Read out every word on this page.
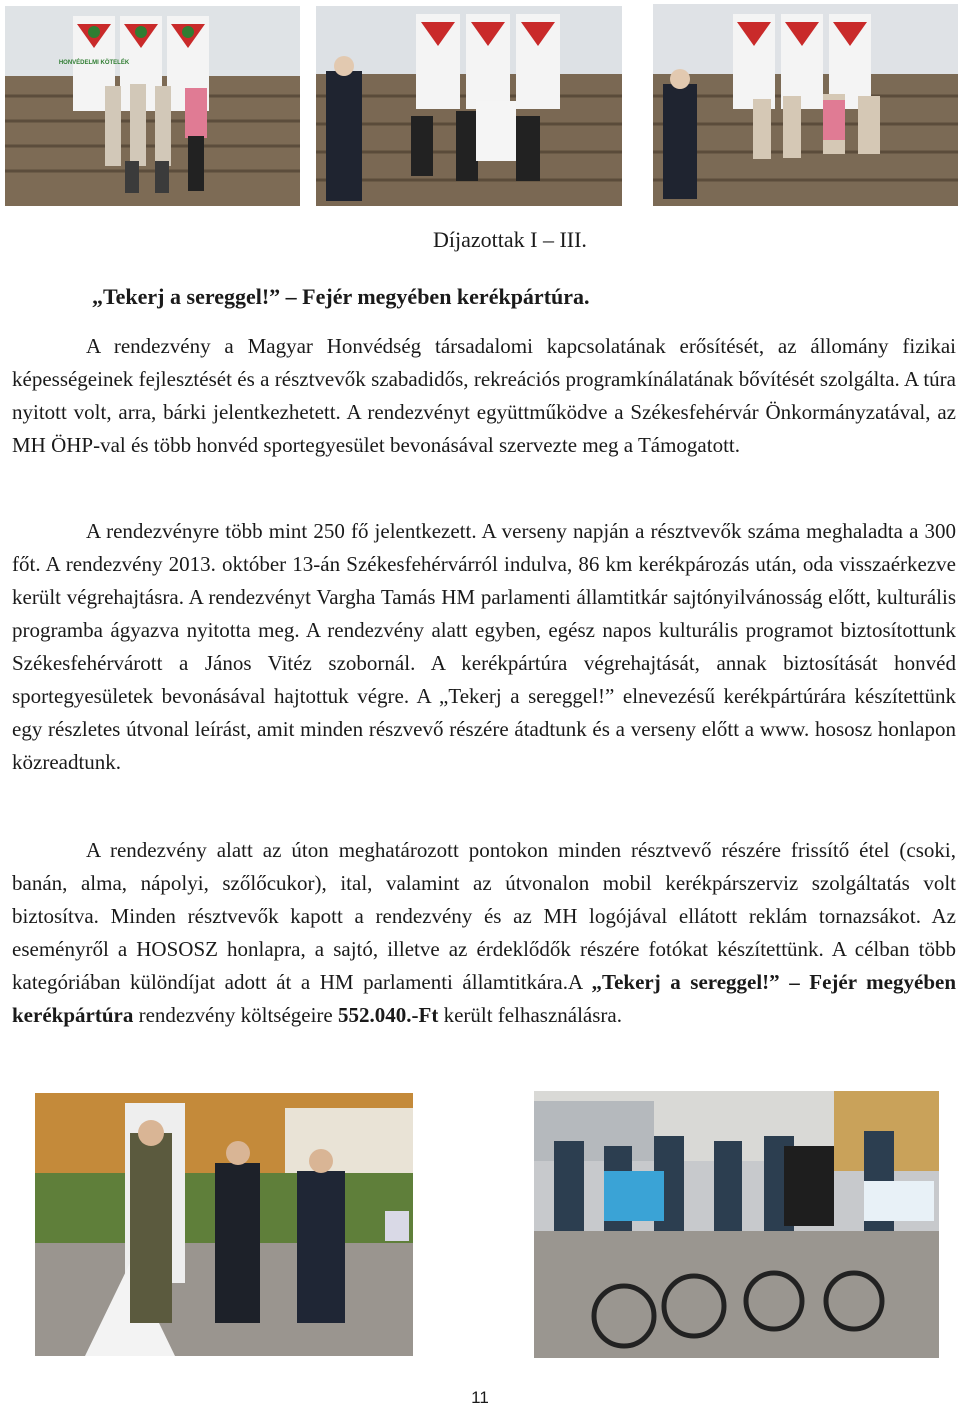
HONVÉDELMI KÖTELÉK
Díjazottak I – III.
„Tekerj a sereggel!” – Fejér megyében kerékpártúra.

A rendezvény a Magyar Honvédség társadalomi kapcsolatának erősítését, az állomány fizikai képességeinek fejlesztését és a résztvevők szabadidős, rekreációs programkínálatának bővítését szolgálta. A túra nyitott volt, arra, bárki jelentkezhetett. A rendezvényt együttműködve a Székesfehérvár Önkormányzatával, az MH ÖHP-val és több honvéd sportegyesület bevonásával szervezte meg a Támogatott.

A rendezvényre több mint 250 fő jelentkezett. A verseny napján a résztvevők száma meghaladta a 300 főt. A rendezvény 2013. október 13-án Székesfehérvárról indulva, 86 km kerékpározás után, oda visszaérkezve került végrehajtásra. A rendezvényt Vargha Tamás HM parlamenti államtitkár sajtónyilvánosság előtt, kulturális programba ágyazva nyitotta meg. A rendezvény alatt egyben, egész napos kulturális programot biztosítottunk Székesfehérvárott a János Vitéz szobornál. A kerékpártúra végrehajtását, annak biztosítását honvéd sportegyesületek bevonásával hajtottuk végre. A „Tekerj a sereggel!” elnevezésű kerékpártúrára készítettünk egy részletes útvonal leírást, amit minden részvevő részére átadtunk és a verseny előtt a www. hososz honlapon közreadtunk.

A rendezvény alatt az úton meghatározott pontokon minden résztvevő részére frissítő étel (csoki, banán, alma, nápolyi, szőlőcukor), ital, valamint az útvonalon mobil kerékpárszerviz szolgáltatás volt biztosítva. Minden résztvevők kapott a rendezvény és az MH logójával ellátott reklám tornazsákot. Az eseményről a HOSOSZ honlapra, a sajtó, illetve az érdeklődők részére fotókat készítettünk. A célban több kategóriában különdíjat adott át a HM parlamenti államtitkára.A „Tekerj a sereggel!” – Fejér megyében kerékpártúra rendezvény költségeire 552.040.-Ft került felhasználásra.

11
